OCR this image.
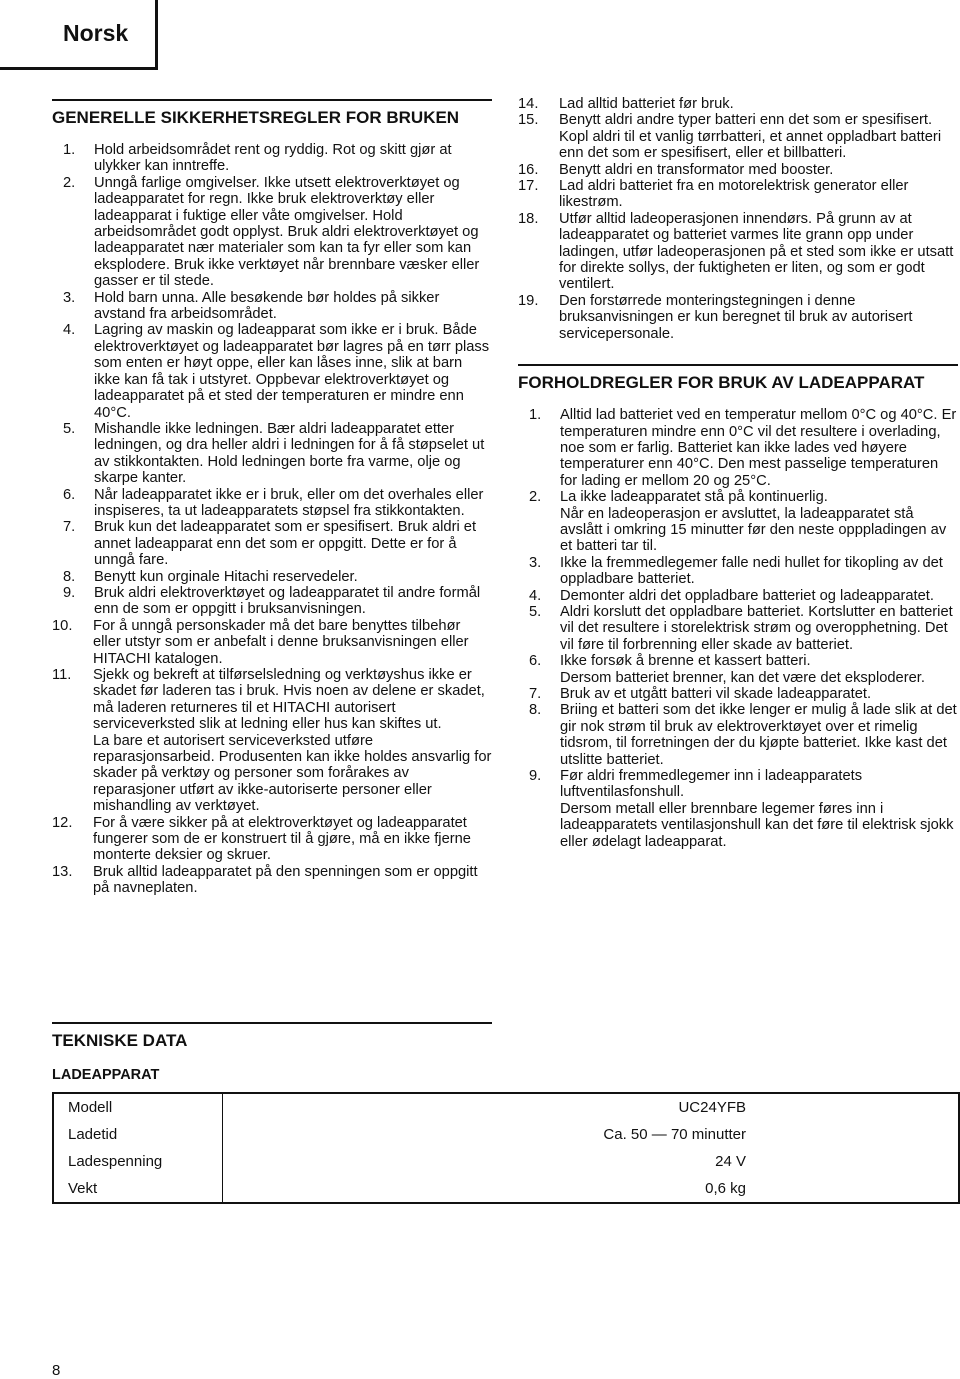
Norsk
GENERELLE SIKKERHETSREGLER FOR BRUKEN
1. Hold arbeidsområdet rent og ryddig. Rot og skitt gjør at ulykker kan inntreffe.
2. Unngå farlige omgivelser. Ikke utsett elektroverktøyet og ladeapparatet for regn. Ikke bruk elektroverktøy eller ladeapparat i fuktige eller våte omgivelser. Hold arbeidsområdet godt opplyst. Bruk aldri elektroverktøyet og ladeapparatet nær materialer som kan ta fyr eller som kan eksplodere. Bruk ikke verktøyet når brennbare væsker eller gasser er til stede.
3. Hold barn unna. Alle besøkende bør holdes på sikker avstand fra arbeidsområdet.
4. Lagring av maskin og ladeapparat som ikke er i bruk. Både elektroverktøyet og ladeapparatet bør lagres på en tørr plass som enten er høyt oppe, eller kan låses inne, slik at barn ikke kan få tak i utstyret. Oppbevar elektroverktøyet og ladeapparatet på et sted der temperaturen er mindre enn 40°C.
5. Mishandle ikke ledningen. Bær aldri ladeapparatet etter ledningen, og dra heller aldri i ledningen for å få støpselet ut av stikkontakten. Hold ledningen borte fra varme, olje og skarpe kanter.
6. Når ladeapparatet ikke er i bruk, eller om det overhales eller inspiseres, ta ut ladeapparatets støpsel fra stikkontakten.
7. Bruk kun det ladeapparatet som er spesifisert. Bruk aldri et annet ladeapparat enn det som er oppgitt. Dette er for å unngå fare.
8. Benytt kun orginale Hitachi reservedeler.
9. Bruk aldri elektroverktøyet og ladeapparatet til andre formål enn de som er oppgitt i bruksanvisningen.
10. For å unngå personskader må det bare benyttes tilbehør eller utstyr som er anbefalt i denne bruksanvisningen eller HITACHI katalogen.
11. Sjekk og bekreft at tilførselsledning og verktøyshus ikke er skadet før laderen tas i bruk. Hvis noen av delene er skadet, må laderen returneres til et HITACHI autorisert serviceverksted slik at ledning eller hus kan skiftes ut.

La bare et autorisert serviceverksted utføre reparasjonsarbeid. Produsenten kan ikke holdes ansvarlig for skader på verktøy og personer som forårakes av reparasjoner utført av ikke-autoriserte personer eller mishandling av verktøyet.

12. For å være sikker på at elektroverktøyet og ladeapparatet fungerer som de er konstruert til å gjøre, må en ikke fjerne monterte deksier og skruer.
13. Bruk alltid ladeapparatet på den spenningen som er oppgitt på navneplaten.
14. Lad alltid batteriet før bruk.
15. Benytt aldri andre typer batteri enn det som er spesifisert. Kopl aldri til et vanlig tørrbatteri, et annet oppladbart batteri enn det som er spesifisert, eller et billbatteri.
16. Benytt aldri en transformator med booster.
17. Lad aldri batteriet fra en motorelektrisk generator eller likestrøm.
18. Utfør alltid ladeoperasjonen innendørs. På grunn av at ladeapparatet og batteriet varmes lite grann opp under ladingen, utfør ladeoperasjonen på et sted som ikke er utsatt for direkte sollys, der fuktigheten er liten, og som er godt ventilert.
19. Den forstørrede monteringstegningen i denne bruksanvisningen er kun beregnet til bruk av autorisert servicepersonale.
FORHOLDREGLER FOR BRUK AV LADEAPPARAT
1. Alltid lad batteriet ved en temperatur mellom 0°C og 40°C. Er temperaturen mindre enn 0°C vil det resultere i overlading, noe som er farlig. Batteriet kan ikke lades ved høyere temperaturer enn 40°C. Den mest passelige temperaturen for lading er mellom 20 og 25°C.
2. La ikke ladeapparatet stå på kontinuerlig.

Når en ladeoperasjon er avsluttet, la ladeapparatet stå avslått i omkring 15 minutter før den neste opppladingen av et batteri tar til.

3. Ikke la fremmedlegemer falle nedi hullet for tikopling av det oppladbare batteriet.
4. Demonter aldri det oppladbare batteriet og ladeapparatet.
5. Aldri korslutt det oppladbare batteriet. Kortslutter en batteriet vil det resultere i storelektrisk strøm og overopphetning. Det vil føre til forbrenning eller skade av batteriet.
6. Ikke forsøk å brenne et kassert batteri.

Dersom batteriet brenner, kan det være det eksploderer.

7. Bruk av et utgått batteri vil skade ladeapparatet.
8. Briing et batteri som det ikke lenger er mulig å lade slik at det gir nok strøm til bruk av elektroverktøyet over et rimelig tidsrom, til forretningen der du kjøpte batteriet. Ikke kast det utslitte batteriet.
9. Før aldri fremmedlegemer inn i ladeapparatets luftventilasfonshull.

Dersom metall eller brennbare legemer føres inn i ladeapparatets ventilasjonshull kan det føre til elektrisk sjokk eller ødelagt ladeapparat.

TEKNISKE DATA
LADEAPPARAT
Modell	UC24YFB
Ladetid	Ca. 50 — 70 minutter
Ladespenning	24 V
Vekt	0,6 kg
8
